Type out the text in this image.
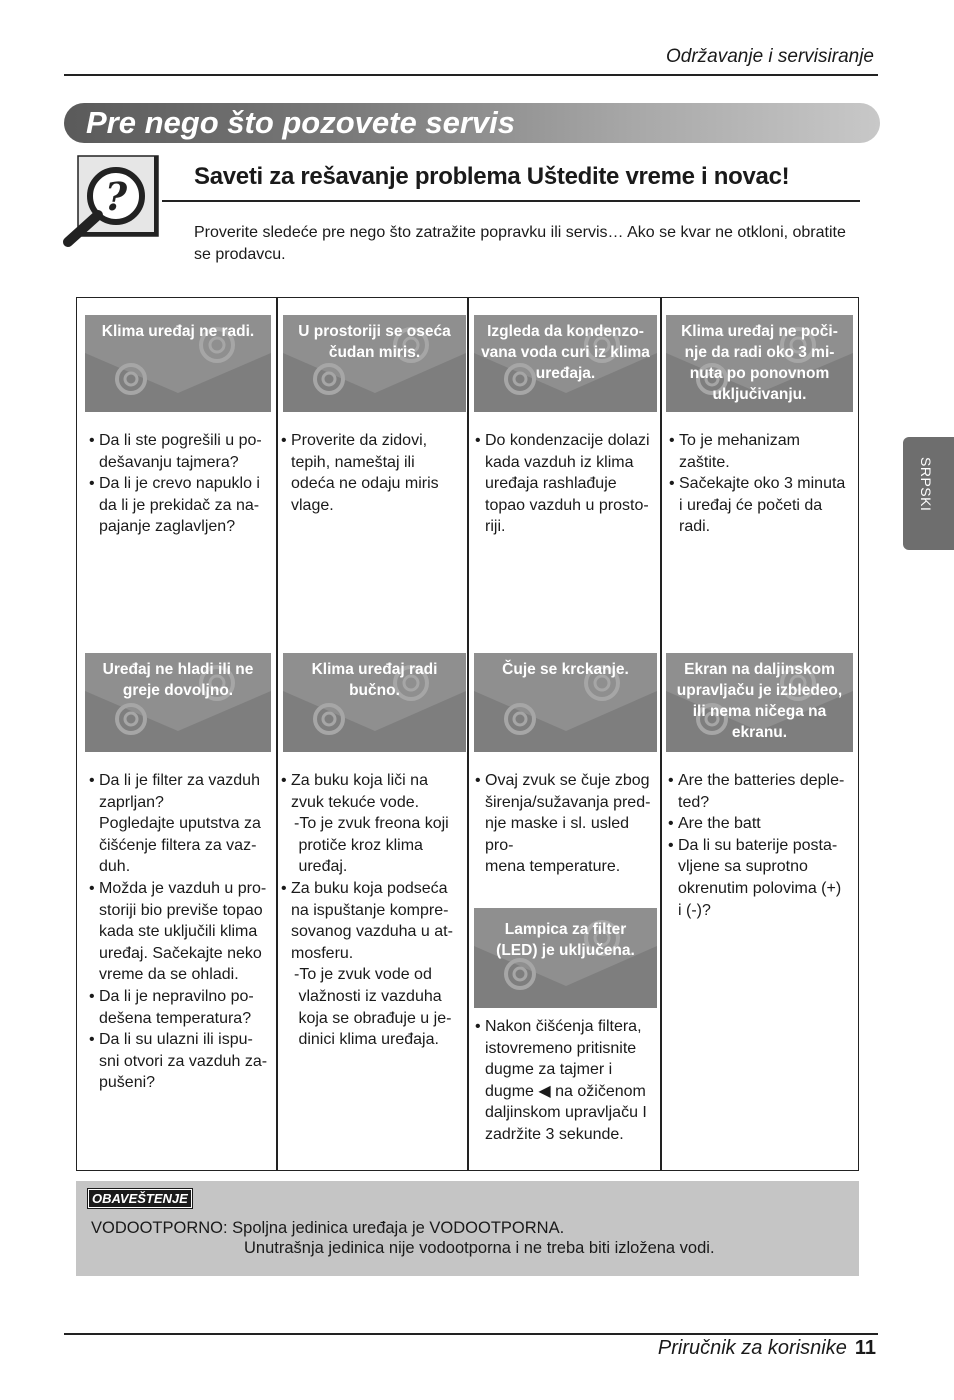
Održavanje i servisiranje
Pre nego što pozovete servis
?	Saveti za rešavanje problema Uštedite vreme i novac!
Proverite sledeće pre nego što zatražite popravku ili servis… Ako se kvar ne otkloni, obratite se prodavcu.
Klima uređaj ne radi.
• Da li ste pogrešili u po-
dešavanju tajmera?
• Da li je crevo napuklo i
da li je prekidač za na-
pajanje zaglavljen?
U prostoriji se oseća
čudan miris.
• Proverite da zidovi,
tepih, nameštaj ili
odeća ne odaju miris
vlage.
Izgleda da kondenzo-
vana voda curi iz klima
uređaja.
• Do kondenzacije dolazi
kada vazduh iz klima
uređaja rashlađuje
topao vazduh u prosto-
riji.
Klima uređaj ne poči-
nje da radi oko 3 mi-
nuta po ponovnom
uključivanju.
• To je mehanizam zaštite.
• Sačekajte oko 3 minuta
i uređaj će početi da
radi.
Uređaj ne hladi ili ne
greje dovoljno.
• Da li je filter za vazduh
zaprljan?
Pogledajte uputstva za
čišćenje filtera za vaz-
duh.
• Možda je vazduh u pro-
storiji bio previše topao
kada ste uključili klima
uređaj. Sačekajte neko
vreme da se ohladi.
• Da li je nepravilno po-
dešena temperatura?
• Da li su ulazni ili ispu-
sni otvori za vazduh za-
pušeni?
Klima uređaj radi
bučno.
• Za buku koja liči na
zvuk tekuće vode.
-To je zvuk freona koji
protiče kroz klima
uređaj.
• Za buku koja podseća
na ispuštanje kompre-
sovanog vazduha u at-
mosferu.
-To je zvuk vode od
vlažnosti iz vazduha
koja se obrađuje u je-
dinici klima uređaja.
Čuje se krckanje.
• Ovaj zvuk se čuje zbog
širenja/sužavanja pred-
nje maske i sl. usled pro-
mena temperature.
Lampica za filter
(LED) je uključena.
• Nakon čišćenja filtera,
istovremeno pritisnite
dugme za tajmer i
dugme ◀ na ožičenom
daljinskom upravljaču I
zadržite 3 sekunde.
Ekran na daljinskom
upravljaču je izbledeo,
ili nema ničega na
ekranu.
• Are the batteries deple-
ted?
• Are the batt
• Da li su baterije posta-
vljene sa suprotno
okrenutim polovima (+)
i (-)?
OBAVEŠTENJE
VODOOTPORNO: Spoljna jedinica uređaja je VODOOTPORNA.
Unutrašnja jedinica nije vodootporna i ne treba biti izložena vodi.
Priručnik za korisnike 11
SRPSKI
